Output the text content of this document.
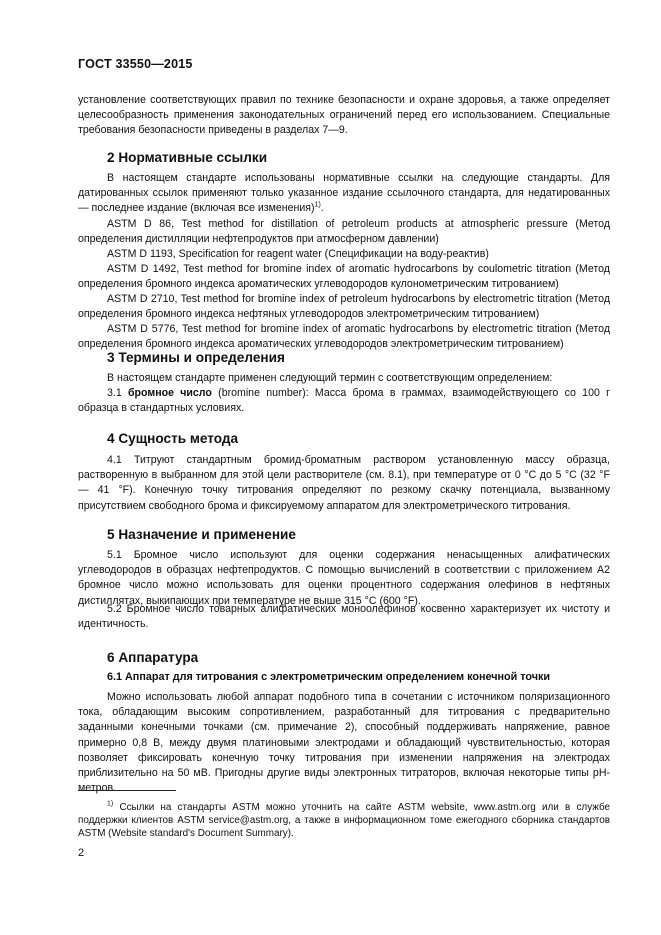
ГОСТ 33550—2015
установление соответствующих правил по технике безопасности и охране здоровья, а также определяет целесообразность применения законодательных ограничений перед его использованием. Специальные требования безопасности приведены в разделах 7—9.
2 Нормативные ссылки
В настоящем стандарте использованы нормативные ссылки на следующие стандарты. Для датированных ссылок применяют только указанное издание ссылочного стандарта, для недатированных — последнее издание (включая все изменения)$^{1)}$.
ASTM D 86, Test method for distillation of petroleum products at atmospheric pressure (Метод определения дистилляции нефтепродуктов при атмосферном давлении)
ASTM D 1193, Specification for reagent water (Спецификации на воду-реактив)
ASTM D 1492, Test method for bromine index of aromatic hydrocarbons by coulometric titration (Метод определения бромного индекса ароматических углеводородов кулонометрическим титрованием)
ASTM D 2710, Test method for bromine index of petroleum hydrocarbons by electrometric titration (Метод определения бромного индекса нефтяных углеводородов электрометрическим титрованием)
ASTM D 5776, Test method for bromine index of aromatic hydrocarbons by electrometric titration (Метод определения бромного индекса ароматических углеводородов электрометрическим титрованием)
3 Термины и определения
В настоящем стандарте применен следующий термин с соответствующим определением:
3.1 бромное число (bromine number): Масса брома в граммах, взаимодействующего со 100 г образца в стандартных условиях.
4 Сущность метода
4.1 Титруют стандартным бромид-броматным раствором установленную массу образца, растворенную в выбранном для этой цели растворителе (см. 8.1), при температуре от 0 °С до 5 °С (32 °F — 41 °F). Конечную точку титрования определяют по резкому скачку потенциала, вызванному присутствием свободного брома и фиксируемому аппаратом для электрометрического титрования.
5 Назначение и применение
5.1 Бромное число используют для оценки содержания ненасыщенных алифатических углеводородов в образцах нефтепродуктов. С помощью вычислений в соответствии с приложением А2 бромное число можно использовать для оценки процентного содержания олефинов в нефтяных дистиллятах, выкипающих при температуре не выше 315 °С (600 °F).
5.2 Бромное число товарных алифатических моноолефинов косвенно характеризует их чистоту и идентичность.
6 Аппаратура
6.1 Аппарат для титрования с электрометрическим определением конечной точки
Можно использовать любой аппарат подобного типа в сочетании с источником поляризационного тока, обладающим высоким сопротивлением, разработанный для титрования с предварительно заданными конечными точками (см. примечание 2), способный поддерживать напряжение, равное примерно 0,8 В, между двумя платиновыми электродами и обладающий чувствительностью, которая позволяет фиксировать конечную точку титрования при изменении напряжения на электродах приблизительно на 50 мВ. Пригодны другие виды электронных титраторов, включая некоторые типы рН-метров.
$^{1)}$ Ссылки на стандарты ASTM можно уточнить на сайте ASTM website, www.astm.org или в службе поддержки клиентов ASTM service@astm.org, а также в информационном томе ежегодного сборника стандартов ASTM (Website standard's Document Summary).
2
